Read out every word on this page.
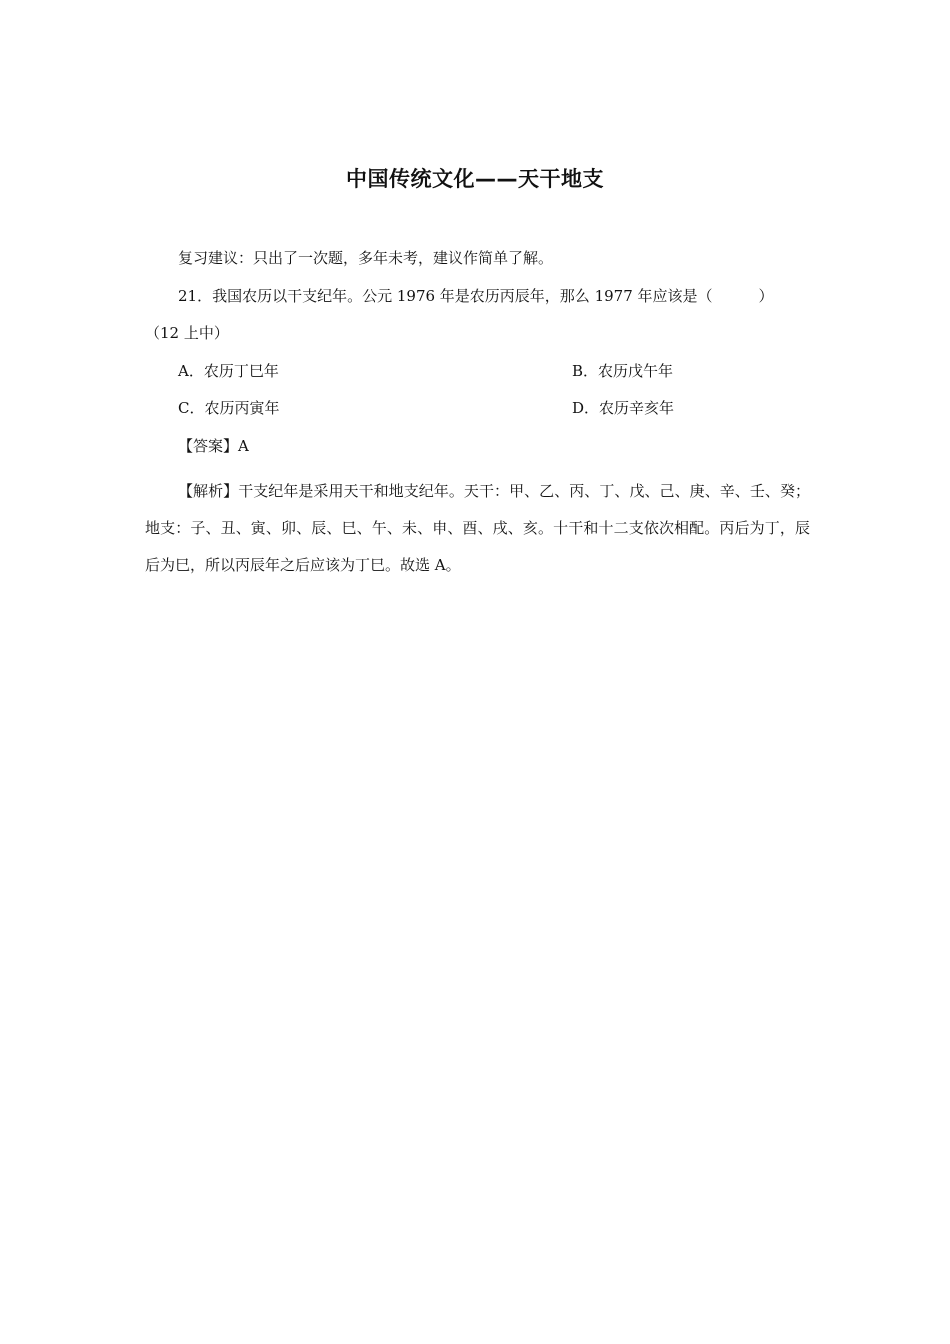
中国传统文化——天干地支
复习建议：只出了一次题，多年未考，建议作简单了解。
21．我国农历以干支纪年。公元 1976 年是农历丙辰年，那么 1977 年应该是（	）
（12 上中）
A．农历丁巳年	B．农历戊午年
C．农历丙寅年	D．农历辛亥年
【答案】A
【解析】干支纪年是采用天干和地支纪年。天干：甲、乙、丙、丁、戊、己、庚、辛、壬、癸；地支：子、丑、寅、卯、辰、巳、午、未、申、酉、戌、亥。十干和十二支依次相配。丙后为丁，辰后为巳，所以丙辰年之后应该为丁巳。故选 A。
